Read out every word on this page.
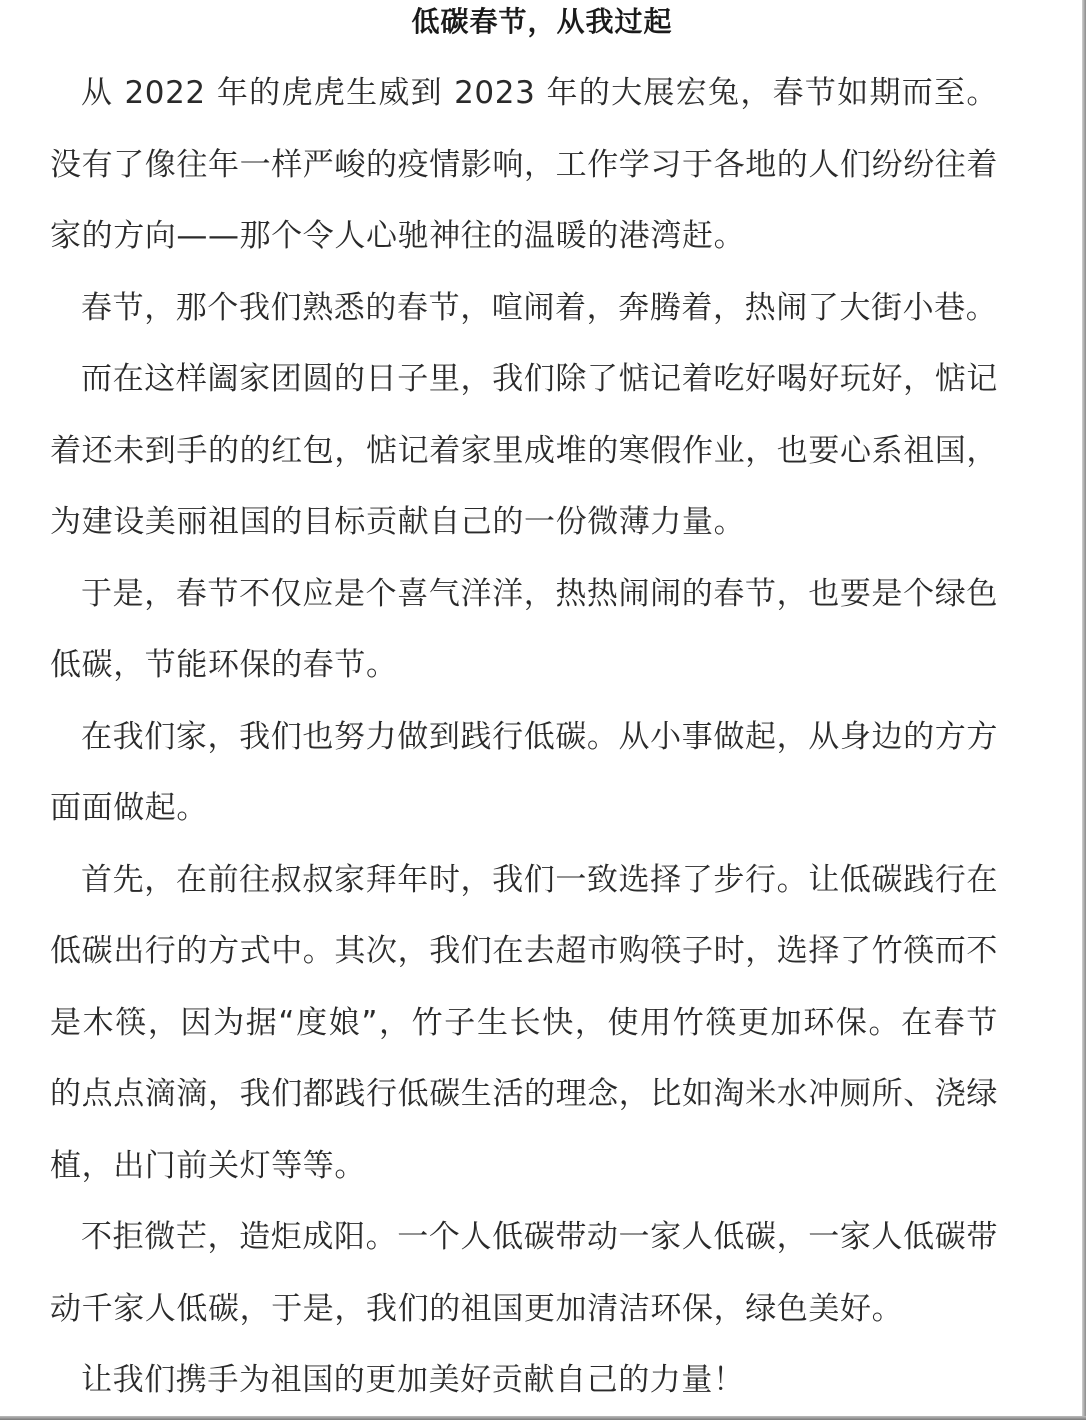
低碳春节，从我过起

从 2022 年的虎虎生威到 2023 年的大展宏兔，春节如期而至。没有了像往年一样严峻的疫情影响，工作学习于各地的人们纷纷往着家的方向——那个令人心驰神往的温暖的港湾赶。

春节，那个我们熟悉的春节，喧闹着，奔腾着，热闹了大街小巷。

而在这样阖家团圆的日子里，我们除了惦记着吃好喝好玩好，惦记着还未到手的的红包，惦记着家里成堆的寒假作业，也要心系祖国，为建设美丽祖国的目标贡献自己的一份微薄力量。

于是，春节不仅应是个喜气洋洋，热热闹闹的春节，也要是个绿色低碳，节能环保的春节。

在我们家，我们也努力做到践行低碳。从小事做起，从身边的方方面面做起。

首先，在前往叔叔家拜年时，我们一致选择了步行。让低碳践行在低碳出行的方式中。其次，我们在去超市购筷子时，选择了竹筷而不是木筷，因为据“度娘”，竹子生长快，使用竹筷更加环保。在春节的点点滴滴，我们都践行低碳生活的理念，比如淘米水冲厕所、浇绿植，出门前关灯等等。

不拒微芒，造炬成阳。一个人低碳带动一家人低碳，一家人低碳带动千家人低碳，于是，我们的祖国更加清洁环保，绿色美好。

让我们携手为祖国的更加美好贡献自己的力量！
